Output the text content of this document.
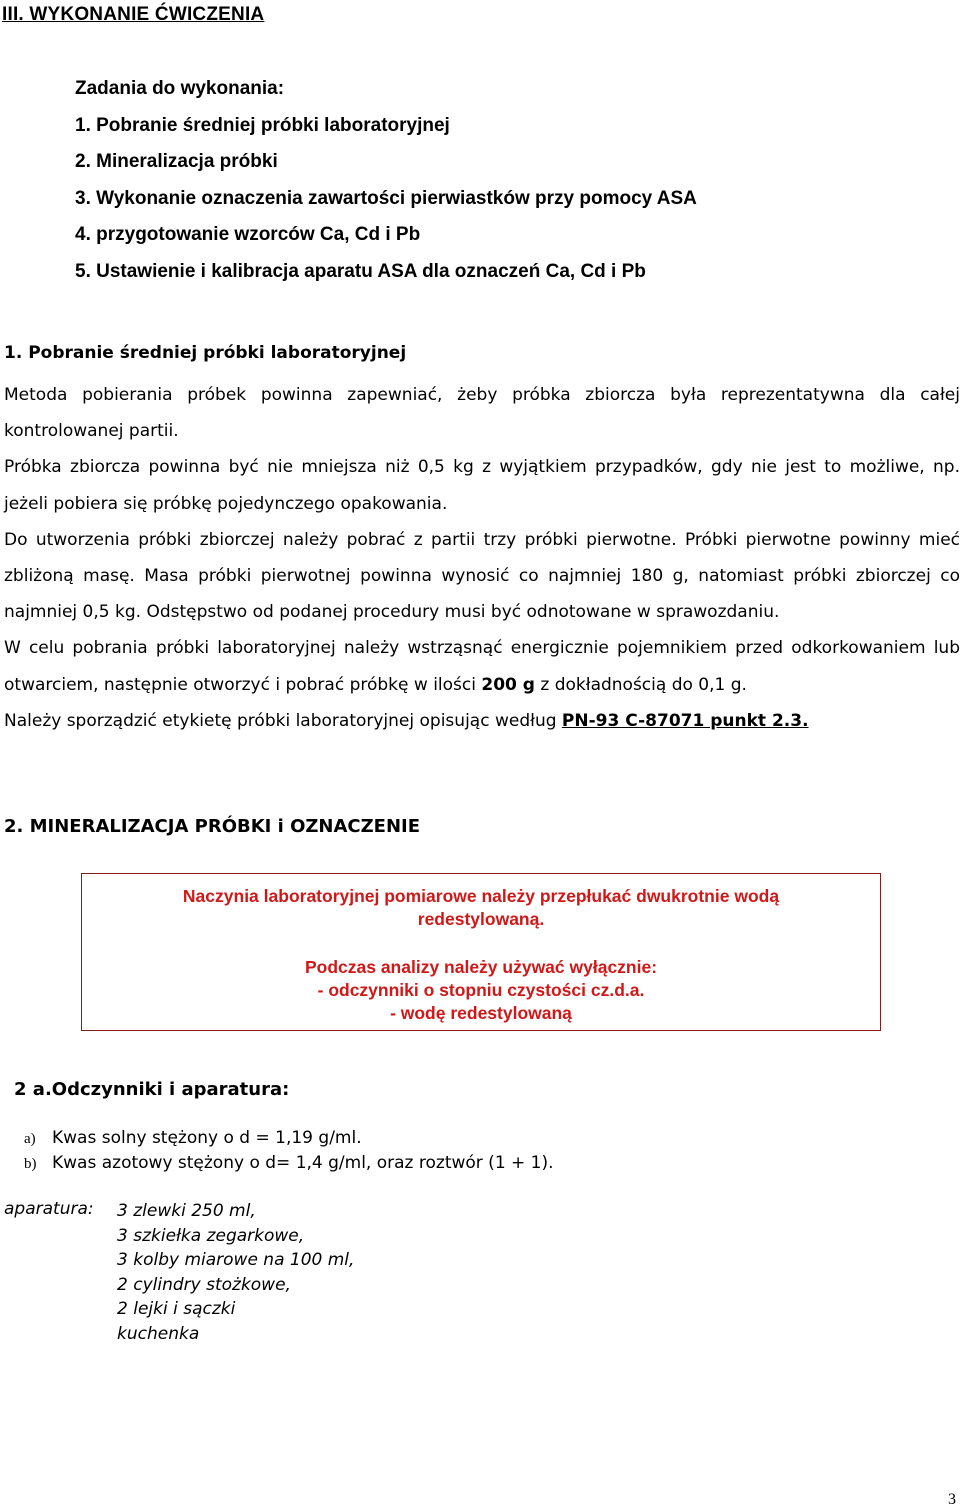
III. WYKONANIE ĆWICZENIA
Zadania do wykonania:
1. Pobranie średniej próbki laboratoryjnej
2. Mineralizacja próbki
3. Wykonanie oznaczenia zawartości pierwiastków przy pomocy ASA
4. przygotowanie wzorców Ca, Cd i Pb
5. Ustawienie i kalibracja aparatu ASA dla oznaczeń Ca, Cd i Pb
1. Pobranie średniej próbki laboratoryjnej

Metoda pobierania próbek powinna zapewniać, żeby próbka zbiorcza była reprezentatywna dla całej kontrolowanej partii.

Próbka zbiorcza powinna być nie mniejsza niż 0,5 kg z wyjątkiem przypadków, gdy nie jest to możliwe, np. jeżeli pobiera się próbkę pojedynczego opakowania.

Do utworzenia próbki zbiorczej należy pobrać z partii trzy próbki pierwotne. Próbki pierwotne powinny mieć zbliżoną masę. Masa próbki pierwotnej powinna wynosić co najmniej 180 g, natomiast próbki zbiorczej co najmniej 0,5 kg. Odstępstwo od podanej procedury musi być odnotowane w sprawozdaniu.

W celu pobrania próbki laboratoryjnej należy wstrząsnąć energicznie pojemnikiem przed odkorkowaniem lub otwarciem, następnie otworzyć i pobrać próbkę w ilości 200 g z dokładnością do 0,1 g.

Należy sporządzić etykietę próbki laboratoryjnej opisując według PN-93 C-87071 punkt 2.3.

2. MINERALIZACJA PRÓBKI i OZNACZENIE
Naczynia laboratoryjnej pomiarowe należy przepłukać dwukrotnie wodą
redestylowaną.
Podczas analizy należy używać wyłącznie:
- odczynniki o stopniu czystości cz.d.a.
- wodę redestylowaną
2 a.Odczynniki i aparatura:
a) Kwas solny stężony o d = 1,19 g/ml.
b) Kwas azotowy stężony o d= 1,4 g/ml, oraz roztwór (1 + 1).
aparatura: 3 zlewki 250 ml,
3 szkiełka zegarkowe,
3 kolby miarowe na 100 ml,
2 cylindry stożkowe,
2 lejki i sączki
kuchenka
3
